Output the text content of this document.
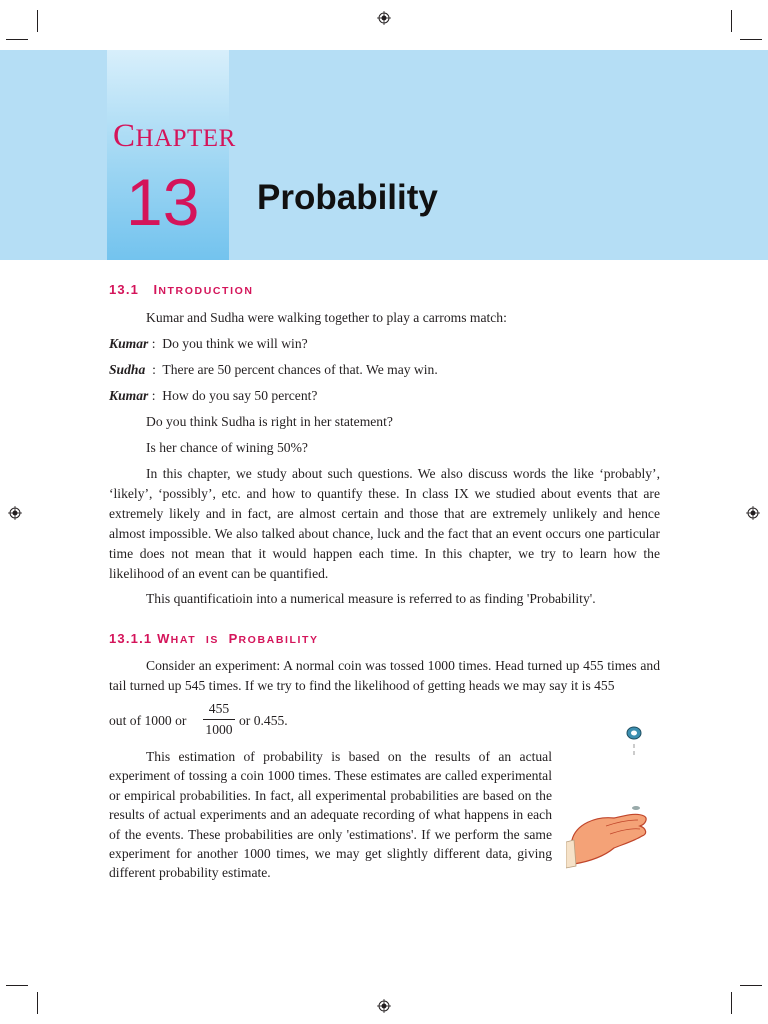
CHAPTER
13 Probability
13.1 INTRODUCTION
Kumar and Sudha were walking together to play a carroms match:
Kumar :  Do you think we will win?
Sudha  :  There are 50 percent chances of that. We may win.
Kumar :  How do you say 50 percent?
Do you think Sudha is right in her statement?
Is her chance of wining 50%?
In this chapter, we study about such questions. We also discuss words the like ‘probably’, ‘likely’, ‘possibly’, etc. and how to quantify these. In class IX we studied about events that are extremely likely and in fact, are almost certain and those that are extremely unlikely and hence almost impossible. We also talked about chance, luck and the fact that an event occurs one particular time does not mean that it would happen each time. In this chapter, we try to learn how the likelihood of an event can be quantified.
This quantificatioin into a numerical measure is referred to as finding 'Probability'.
13.1.1 WHAT IS PROBABILITY
Consider an experiment: A normal coin was tossed 1000 times. Head turned up 455 times and tail turned up 545 times. If we try to find the likelihood of getting heads we may say it is 455
out of 1000 or
455
1000
or 0.455.
This estimation of probability is based on the results of an actual experiment of tossing a coin 1000 times. These estimates are called experimental or empirical probabilities. In fact, all experimental probabilities are based on the results of actual experiments and an adequate recording of what happens in each of the events. These probabilities are only 'estimations'. If we perform the same experiment for another 1000 times, we may get slightly different data, giving different probability estimate.
